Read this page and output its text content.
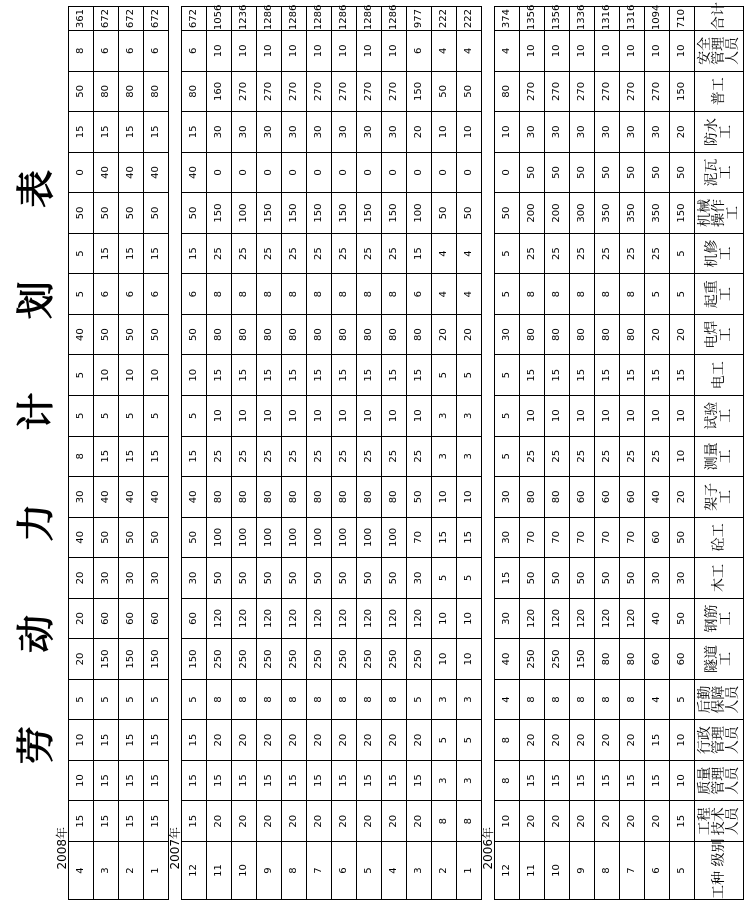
劳 动 力 计 划 表

2008年																					
4	15	10	10	5	20	20	20	40	30	8	5	5	40	5	5	50	0	15	50	8	361
3	15	15	15	5	150	60	30	50	40	15	5	10	50	6	15	50	40	15	80	6	672
2	15	15	15	5	150	60	30	50	40	15	5	10	50	6	15	50	40	15	80	6	672
1	15	15	15	5	150	60	30	50	40	15	5	10	50	6	15	50	40	15	80	6	672
2007年																					
12	15	15	15	5	150	60	30	50	40	15	5	10	50	6	15	50	40	15	80	6	672
11	20	15	20	8	250	120	50	100	80	25	10	15	80	8	25	150	0	30	160	10	1056
10	20	15	20	8	250	120	50	100	80	25	10	15	80	8	25	100	0	30	270	10	1236
9	20	15	20	8	250	120	50	100	80	25	10	15	80	8	25	150	0	30	270	10	1286
8	20	15	20	8	250	120	50	100	80	25	10	15	80	8	25	150	0	30	270	10	1286
7	20	15	20	8	250	120	50	100	80	25	10	15	80	8	25	150	0	30	270	10	1286
6	20	15	20	8	250	120	50	100	80	25	10	15	80	8	25	150	0	30	270	10	1286
5	20	15	20	8	250	120	50	100	80	25	10	15	80	8	25	150	0	30	270	10	1286
4	20	15	20	8	250	120	50	100	80	25	10	15	80	8	25	150	0	30	270	10	1286
3	20	15	20	5	250	120	30	70	50	25	10	15	80	6	15	100	0	20	150	6	977
2	8	3	5	3	10	10	5	15	10	3	3	5	20	4	4	50	0	10	50	4	222
1	8	3	5	3	10	10	5	15	10	3	3	5	20	4	4	50	0	10	50	4	222
2006年																					
12	10	8	8	4	40	30	15	30	30	5	5	5	30	5	5	50	0	10	80	4	374
11	20	15	20	8	250	120	50	70	80	25	10	15	80	8	25	200	50	30	270	10	1356
10	20	15	20	8	250	120	50	70	80	25	10	15	80	8	25	200	50	30	270	10	1356
9	20	15	20	8	150	120	50	70	60	25	10	15	80	8	25	300	50	30	270	10	1336
8	20	15	20	8	80	120	50	70	60	25	10	15	80	8	25	350	50	30	270	10	1316
7	20	15	20	8	80	120	50	70	60	25	10	15	80	8	25	350	50	30	270	10	1316
6	20	15	15	4	60	40	30	60	40	25	10	15	20	5	25	350	50	30	270	10	1094
5	15	10	10	5	60	50	30	50	20	10	10	15	20	5	5	150	50	20	150	10	710
工种 级别	工程技术人员	质量管理人员	行政管理人员	后勤保障人员	隧道工	钢筋工	木工	砼工	架子工	测量工	试验工	电工	电焊工	起重工	机修工	机械操作工	泥瓦工	防水工	普工	安全管理人员	合计
